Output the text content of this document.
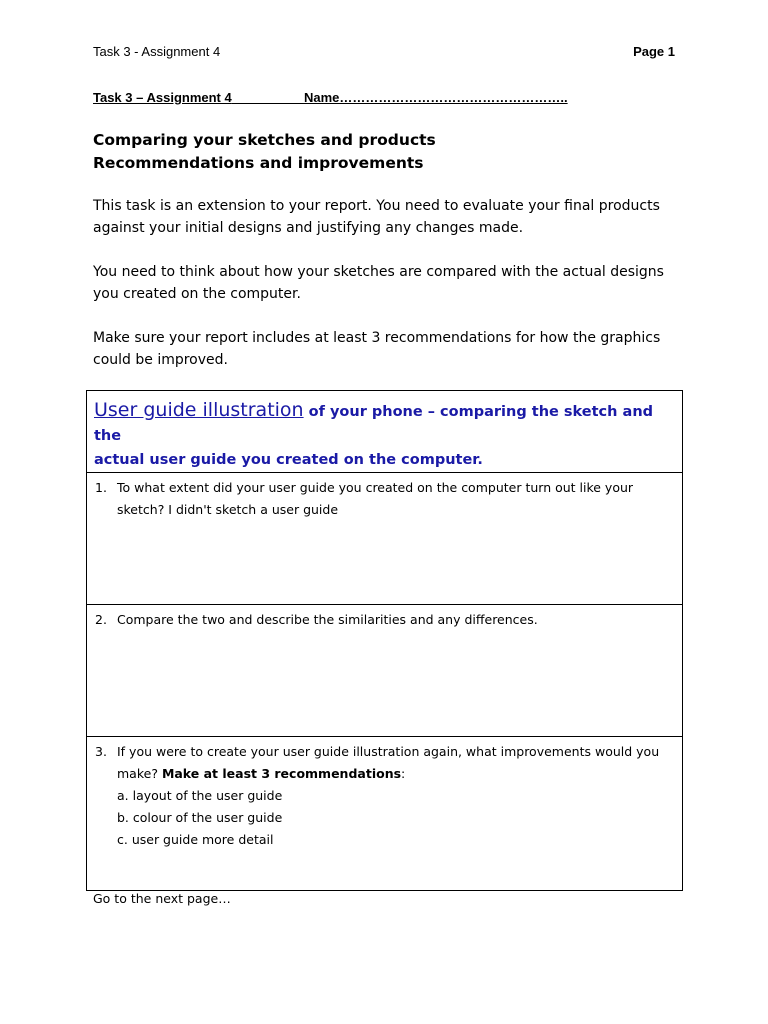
Task 3 - Assignment 4	Page 1
Task 3 – Assignment 4	Name……………………………………………..
Comparing your sketches and products
Recommendations and improvements

This task is an extension to your report. You need to evaluate your final products against your initial designs and justifying any changes made.

You need to think about how your sketches are compared with the actual designs you created on the computer.

Make sure your report includes at least 3 recommendations for how the graphics could be improved.

User guide illustration of your phone – comparing the sketch and the
actual user guide you created on the computer.

1. To what extent did your user guide you created on the computer turn out like your
sketch? I didn't sketch a user guide

2. Compare the two and describe the similarities and any differences.

3. If you were to create your user guide illustration again, what improvements would you
make? Make at least 3 recommendations:
a. layout of the user guide
b. colour of the user guide
c. user guide more detail
Go to the next page…
